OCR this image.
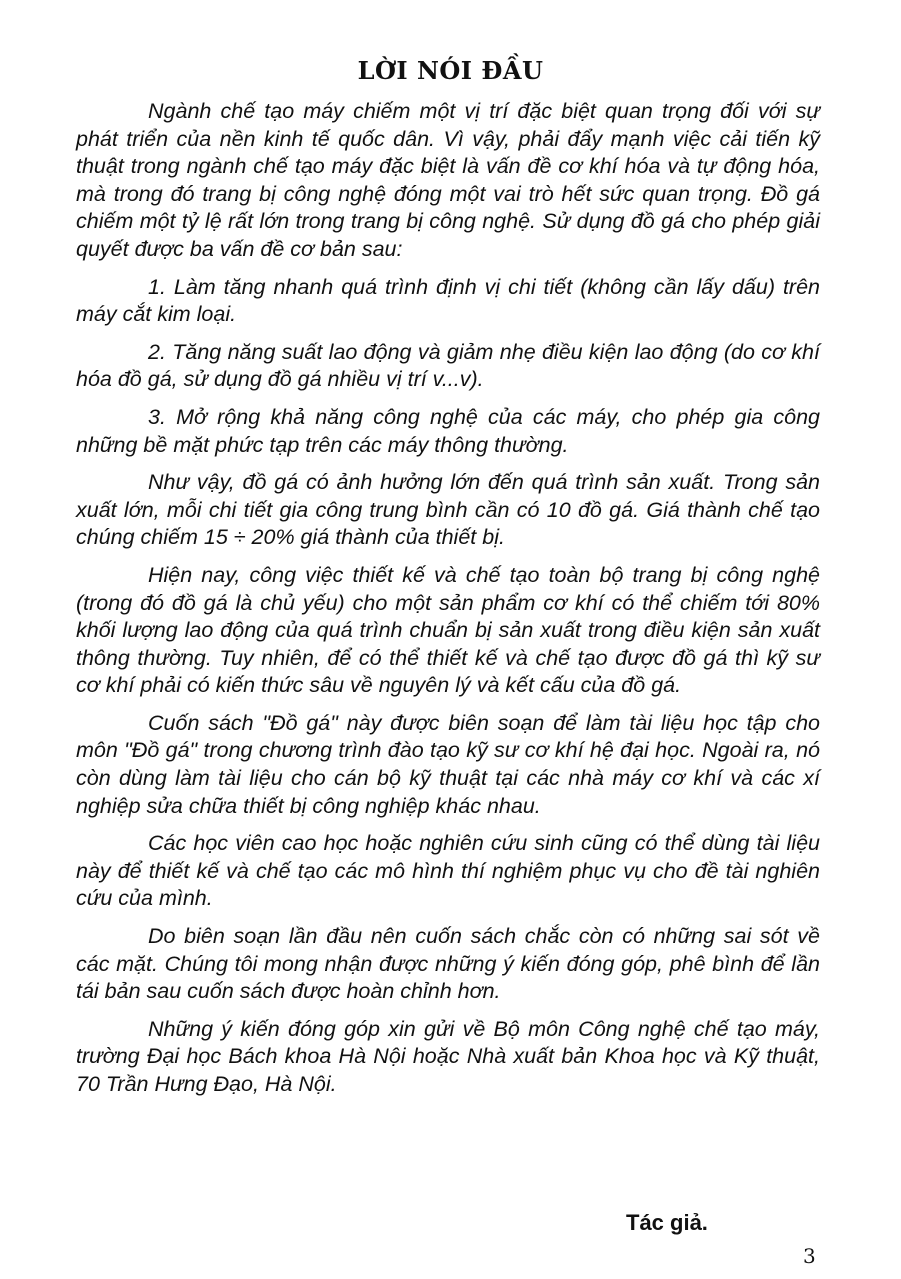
LỜI NÓI ĐẦU

Ngành chế tạo máy chiếm một vị trí đặc biệt quan trọng đối với sự phát triển của nền kinh tế quốc dân. Vì vậy, phải đẩy mạnh việc cải tiến kỹ thuật trong ngành chế tạo máy đặc biệt là vấn đề cơ khí hóa và tự động hóa, mà trong đó trang bị công nghệ đóng một vai trò hết sức quan trọng. Đồ gá chiếm một tỷ lệ rất lớn trong trang bị công nghệ. Sử dụng đồ gá cho phép giải quyết được ba vấn đề cơ bản sau:

1. Làm tăng nhanh quá trình định vị chi tiết (không cần lấy dấu) trên máy cắt kim loại.

2. Tăng năng suất lao động và giảm nhẹ điều kiện lao động (do cơ khí hóa đồ gá, sử dụng đồ gá nhiều vị trí v...v).

3. Mở rộng khả năng công nghệ của các máy, cho phép gia công những bề mặt phức tạp trên các máy thông thường.

Như vậy, đồ gá có ảnh hưởng lớn đến quá trình sản xuất. Trong sản xuất lớn, mỗi chi tiết gia công trung bình cần có 10 đồ gá. Giá thành chế tạo chúng chiếm 15 ÷ 20% giá thành của thiết bị.

Hiện nay, công việc thiết kế và chế tạo toàn bộ trang bị công nghệ (trong đó đồ gá là chủ yếu) cho một sản phẩm cơ khí có thể chiếm tới 80% khối lượng lao động của quá trình chuẩn bị sản xuất trong điều kiện sản xuất thông thường. Tuy nhiên, để có thể thiết kế và chế tạo được đồ gá thì kỹ sư cơ khí phải có kiến thức sâu về nguyên lý và kết cấu của đồ gá.

Cuốn sách "Đồ gá" này được biên soạn để làm tài liệu học tập cho môn "Đồ gá" trong chương trình đào tạo kỹ sư cơ khí hệ đại học. Ngoài ra, nó còn dùng làm tài liệu cho cán bộ kỹ thuật tại các nhà máy cơ khí và các xí nghiệp sửa chữa thiết bị công nghiệp khác nhau.

Các học viên cao học hoặc nghiên cứu sinh cũng có thể dùng tài liệu này để thiết kế và chế tạo các mô hình thí nghiệm phục vụ cho đề tài nghiên cứu của mình.

Do biên soạn lần đầu nên cuốn sách chắc còn có những sai sót về các mặt. Chúng tôi mong nhận được những ý kiến đóng góp, phê bình để lần tái bản sau cuốn sách được hoàn chỉnh hơn.

Những ý kiến đóng góp xin gửi về Bộ môn Công nghệ chế tạo máy, trường Đại học Bách khoa Hà Nội hoặc Nhà xuất bản Khoa học và Kỹ thuật, 70 Trần Hưng Đạo, Hà Nội.

Tác giả.
3
